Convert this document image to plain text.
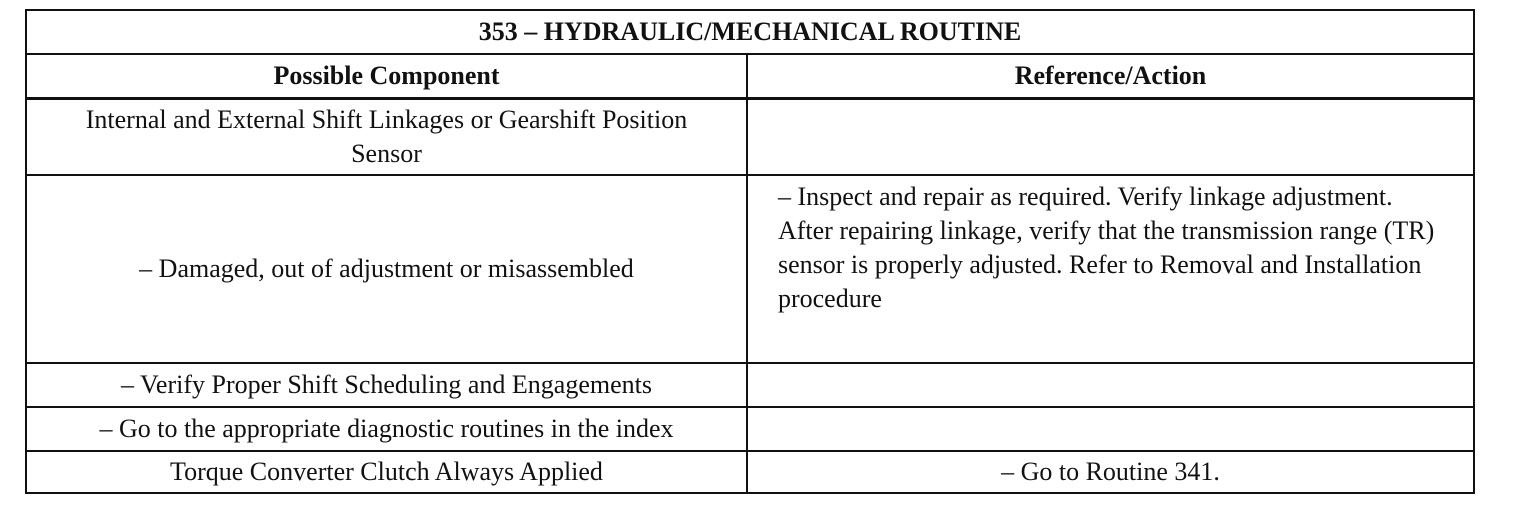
353 – HYDRAULIC/MECHANICAL ROUTINE	
Possible Component	Reference/Action
Internal and External Shift Linkages or Gearshift Position Sensor	
– Damaged, out of adjustment or misassembled	– Inspect and repair as required. Verify linkage adjustment. After repairing linkage, verify that the transmission range (TR) sensor is properly adjusted. Refer to Removal and Installation procedure

– Verify Proper Shift Scheduling and Engagements	
– Go to the appropriate diagnostic routines in the index	
Torque Converter Clutch Always Applied	– Go to Routine 341.
